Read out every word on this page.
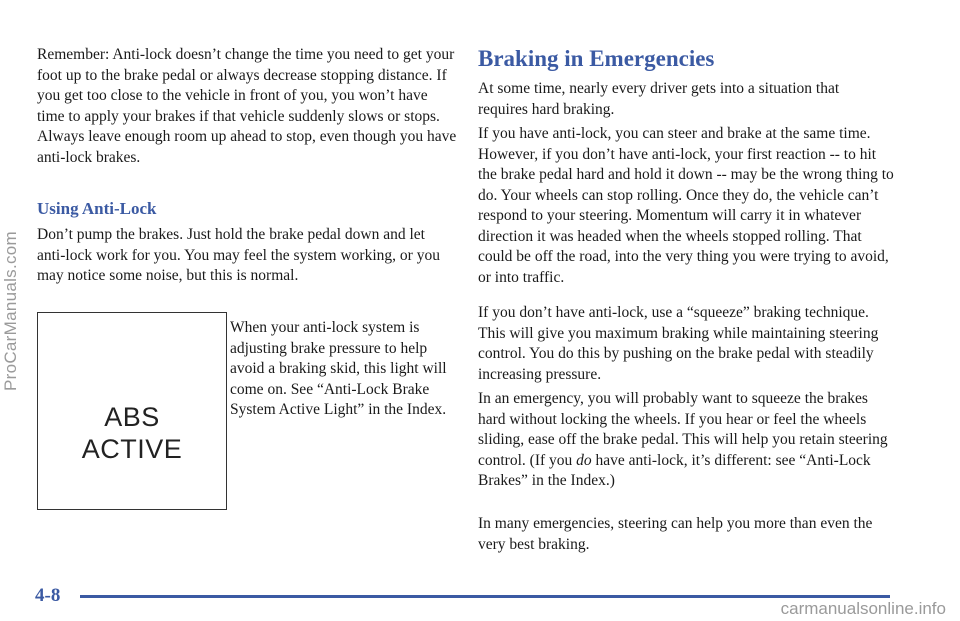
ProCarManuals.com

Remember: Anti-lock doesn’t change the time you need to get your foot up to the brake pedal or always decrease stopping distance. If you get too close to the vehicle in front of you, you won’t have time to apply your brakes if that vehicle suddenly slows or stops. Always leave enough room up ahead to stop, even though you have anti-lock brakes.

Using Anti-Lock

Don’t pump the brakes. Just hold the brake pedal down and let anti-lock work for you. You may feel the system working, or you may notice some noise, but this is normal.

ABS
ACTIVE

When your anti-lock system is adjusting brake pressure to help avoid a braking skid, this light will come on. See “Anti-Lock Brake System Active Light” in the Index.

Braking in Emergencies

At some time, nearly every driver gets into a situation that requires hard braking.

If you have anti-lock, you can steer and brake at the same time. However, if you don’t have anti-lock, your first reaction -- to hit the brake pedal hard and hold it down -- may be the wrong thing to do. Your wheels can stop rolling. Once they do, the vehicle can’t respond to your steering. Momentum will carry it in whatever direction it was headed when the wheels stopped rolling. That could be off the road, into the very thing you were trying to avoid, or into traffic.

If you don’t have anti-lock, use a “squeeze” braking technique. This will give you maximum braking while maintaining steering control. You do this by pushing on the brake pedal with steadily increasing pressure.

In an emergency, you will probably want to squeeze the brakes hard without locking the wheels. If you hear or feel the wheels sliding, ease off the brake pedal. This will help you retain steering control. (If you do have anti-lock, it’s different: see “Anti-Lock Brakes” in the Index.)

In many emergencies, steering can help you more than even the very best braking.

4-8
carmanualsonline.info
